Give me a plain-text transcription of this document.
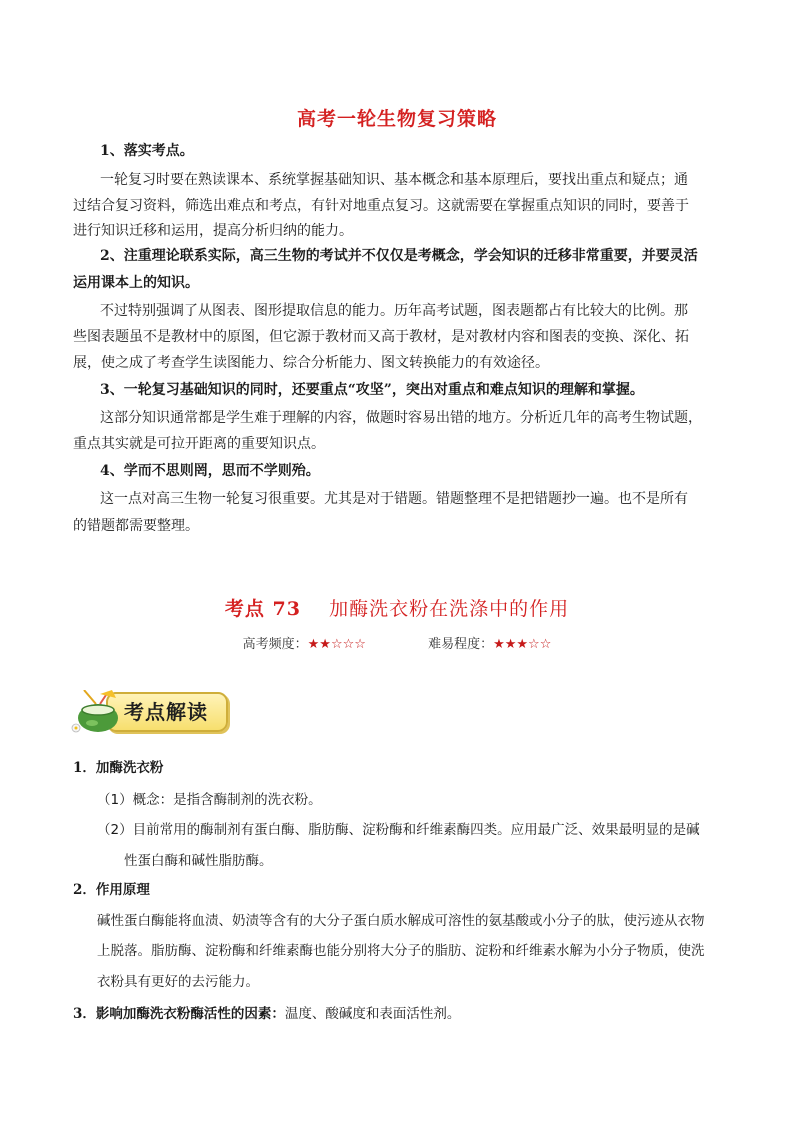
高考一轮生物复习策略
1、落实考点。
一轮复习时要在熟读课本、系统掌握基础知识、基本概念和基本原理后，要找出重点和疑点；通
过结合复习资料，筛选出难点和考点，有针对地重点复习。这就需要在掌握重点知识的同时，要善于
进行知识迁移和运用，提高分析归纳的能力。
2、注重理论联系实际，高三生物的考试并不仅仅是考概念，学会知识的迁移非常重要，并要灵活
运用课本上的知识。
不过特别强调了从图表、图形提取信息的能力。历年高考试题，图表题都占有比较大的比例。那
些图表题虽不是教材中的原图，但它源于教材而又高于教材，是对教材内容和图表的变换、深化、拓
展，使之成了考查学生读图能力、综合分析能力、图文转换能力的有效途径。
3、一轮复习基础知识的同时，还要重点“攻坚”，突出对重点和难点知识的理解和掌握。
这部分知识通常都是学生难于理解的内容，做题时容易出错的地方。分析近几年的高考生物试题，
重点其实就是可拉开距离的重要知识点。
4、学而不思则罔，思而不学则殆。
这一点对高三生物一轮复习很重要。尤其是对于错题。错题整理不是把错题抄一遍。也不是所有
的错题都需要整理。
考点 73 加酶洗衣粉在洗涤中的作用
高考频度：★★☆☆☆	难易程度：★★★☆☆
考点解读
1．加酶洗衣粉
（1）概念：是指含酶制剂的洗衣粉。
（2）目前常用的酶制剂有蛋白酶、脂肪酶、淀粉酶和纤维素酶四类。应用最广泛、效果最明显的是碱
性蛋白酶和碱性脂肪酶。
2．作用原理
碱性蛋白酶能将血渍、奶渍等含有的大分子蛋白质水解成可溶性的氨基酸或小分子的肽，使污迹从衣物
上脱落。脂肪酶、淀粉酶和纤维素酶也能分别将大分子的脂肪、淀粉和纤维素水解为小分子物质，使洗
衣粉具有更好的去污能力。
3．影响加酶洗衣粉酶活性的因素：温度、酸碱度和表面活性剂。
